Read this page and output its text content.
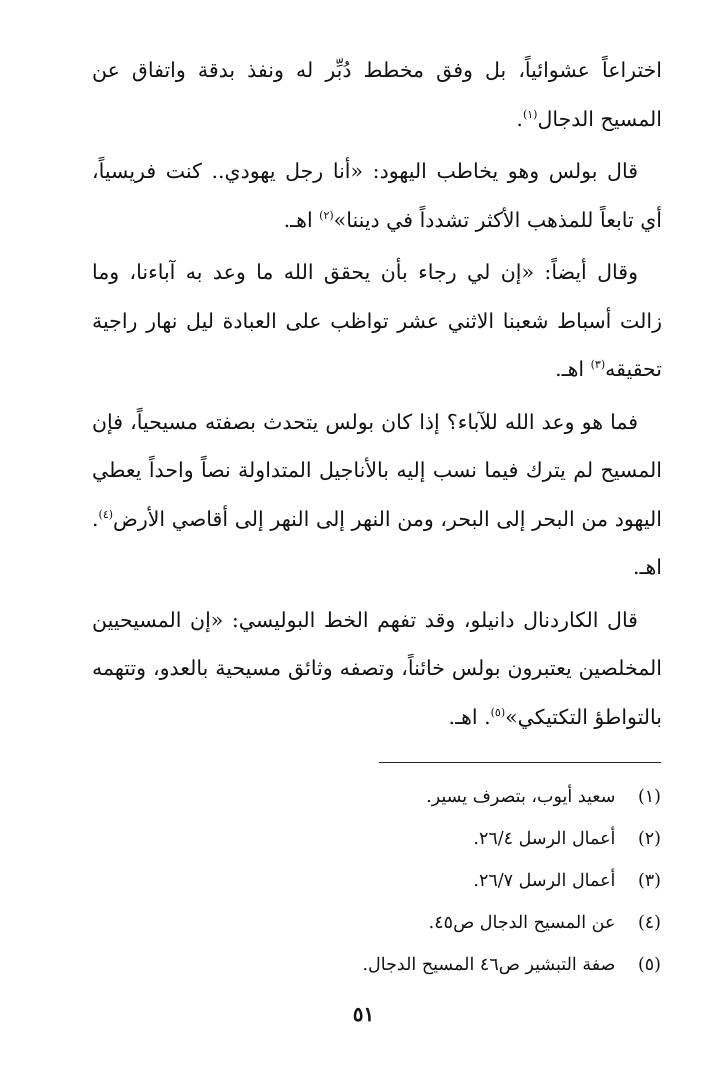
اختراعاً عشوائياً، بل وفق مخطط دُبِّر له ونفذ بدقة واتفاق عن المسيح الدجال$^{(١)}$.

قال بولس وهو يخاطب اليهود: «أنا رجل يهودي.. كنت فريسياً، أي تابعاً للمذهب الأكثر تشدداً في ديننا»$^{(٢)}$ اهـ.

وقال أيضاً: «إن لي رجاء بأن يحقق الله ما وعد به آباءنا، وما زالت أسباط شعبنا الاثني عشر تواظب على العبادة ليل نهار راجية تحقيقه$^{(٣)}$ اهـ.

فما هو وعد الله للآباء؟ إذا كان بولس يتحدث بصفته مسيحياً، فإن المسيح لم يترك فيما نسب إليه بالأناجيل المتداولة نصاً واحداً يعطي اليهود من البحر إلى البحر، ومن النهر إلى النهر إلى أقاصي الأرض$^{(٤)}$. اهـ.

قال الكاردنال دانيلو، وقد تفهم الخط البوليسي: «إن المسيحيين المخلصين يعتبرون بولس خائناً، وتصفه وثائق مسيحية بالعدو، وتتهمه بالتواطؤ التكتيكي»$^{(٥)}$. اهـ.

(١) سعيد أيوب، بتصرف يسير.
(٢) أعمال الرسل ٢٦/٤.
(٣) أعمال الرسل ٢٦/٧.
(٤) عن المسيح الدجال ص٤٥.
(٥) صفة التبشير ص٤٦ المسيح الدجال.
٥١
